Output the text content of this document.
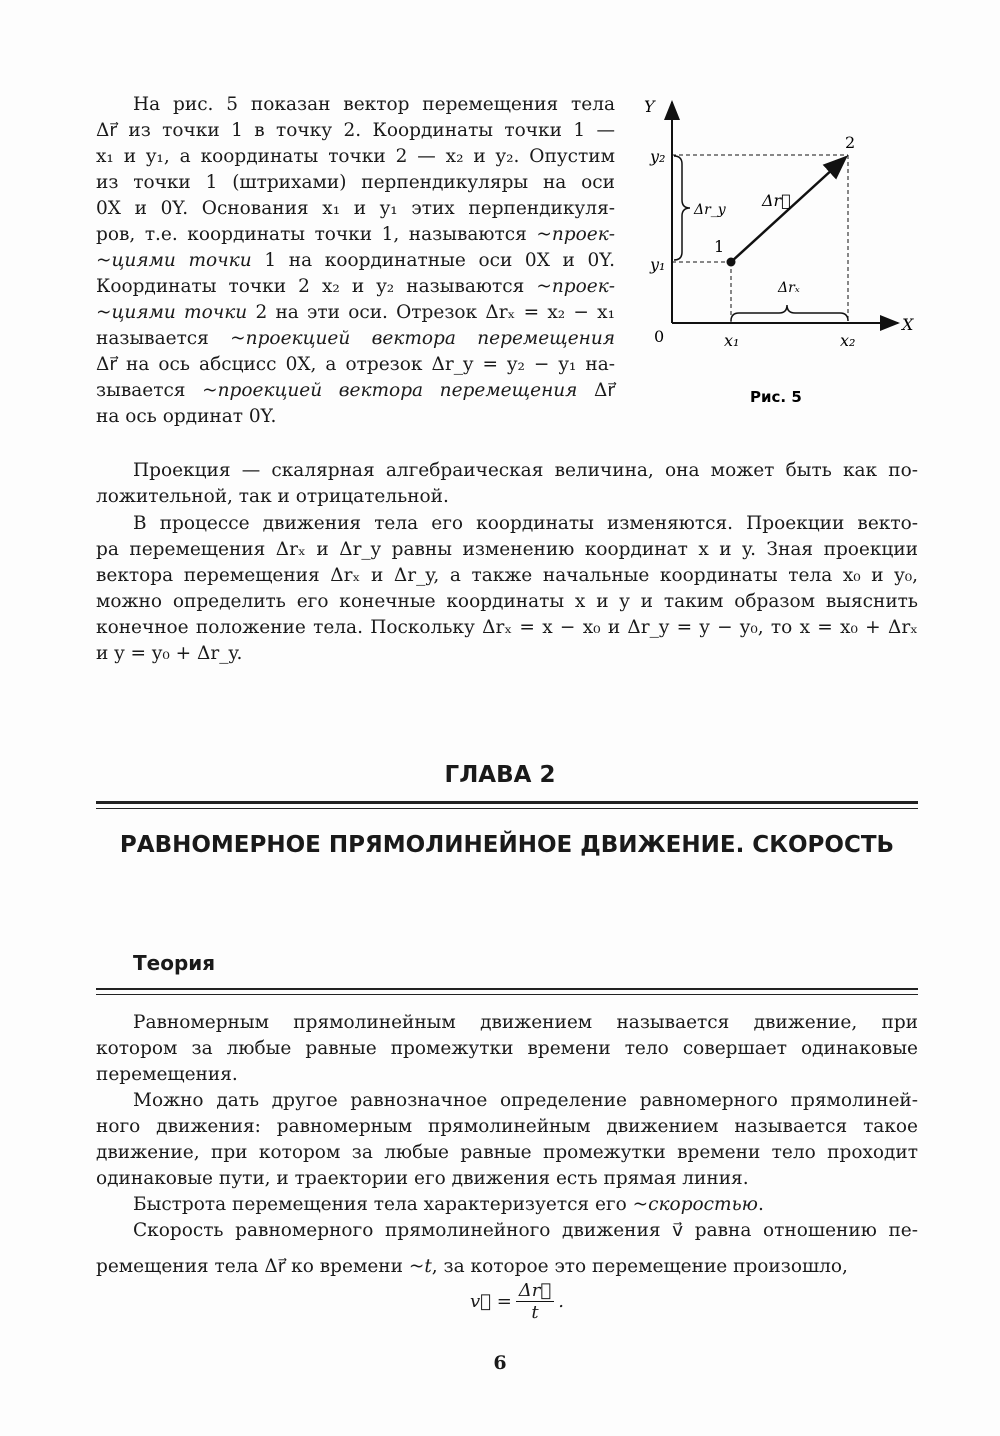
На рис. 5 показан вектор перемещения тела
Δr⃗ из точки 1 в точку 2. Координаты точки 1 —
x₁ и y₁, а координаты точки 2 — x₂ и y₂. Опустим
из точки 1 (штрихами) перпендикуляры на оси
0X и 0Y. Основания x₁ и y₁ этих перпендикуля-
ров, т.е. координаты точки 1, называются ~проек-
~циями точки 1 на координатные оси 0X и 0Y.
Координаты точки 2 x₂ и y₂ называются ~проек-
~циями точки 2 на эти оси. Отрезок Δrₓ = x₂ − x₁
называется ~проекцией вектора перемещения
Δr⃗ на ось абсцисс 0X, а отрезок Δr_y = y₂ − y₁ на-
зывается ~проекцией вектора перемещения Δr⃗
на ось ординат 0Y.
Проекция — скалярная алгебраическая величина, она может быть как по-
ложительной, так и отрицательной.
В процессе движения тела его координаты изменяются. Проекции векто-
ра перемещения Δrₓ и Δr_y равны изменению координат x и y. Зная проекции
вектора перемещения Δrₓ и Δr_y, а также начальные координаты тела x₀ и y₀,
можно определить его конечные координаты x и y и таким образом выяснить
конечное положение тела. Поскольку Δrₓ = x − x₀ и Δr_y = y − y₀, то x = x₀ + Δrₓ
и y = y₀ + Δr_y.
Y
X
0
y₂
y₁
x₁	x₂
1
2
Δr⃗
Δrₓ
Δr_y
Рис. 5
ГЛАВА 2
РАВНОМЕРНОЕ ПРЯМОЛИНЕЙНОЕ ДВИЖЕНИЕ. СКОРОСТЬ
Теория
Равномерным прямолинейным движением называется движение, при
котором за любые равные промежутки времени тело совершает одинаковые
перемещения.
Можно дать другое равнозначное определение равномерного прямолиней-
ного движения: равномерным прямолинейным движением называется такое
движение, при котором за любые равные промежутки времени тело проходит
одинаковые пути, и траектории его движения есть прямая линия.
Быстрота перемещения тела характеризуется его ~скоростью.
Скорость равномерного прямолинейного движения v⃗ равна отношению пе-
ремещения тела Δr⃗ ко времени ~t, за которое это перемещение произошло,
v⃗ = $\frac{\Delta r⃗}{t}$ .
6
